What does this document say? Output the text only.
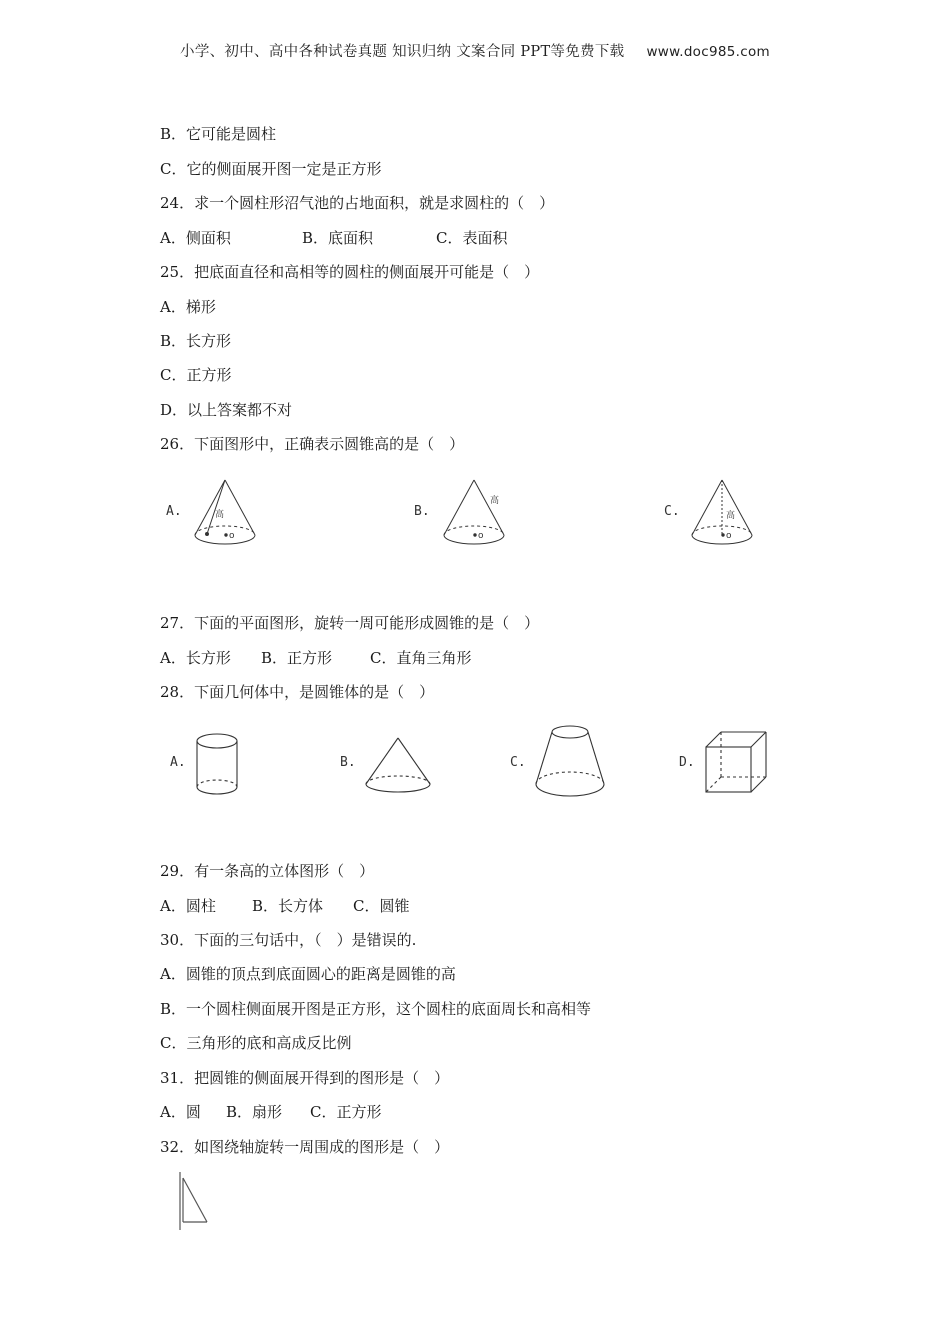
小学、初中、高中各种试卷真题 知识归纳 文案合同 PPT等免费下载 www.doc985.com
B．它可能是圆柱
C．它的侧面展开图一定是正方形
24．求一个圆柱形沼气池的占地面积，就是求圆柱的（　）
A．侧面积	B．底面积	C．表面积
25．把底面直径和高相等的圆柱的侧面展开可能是（　）
A．梯形
B．长方形
C．正方形
D．以上答案都不对
26．下面图形中，正确表示圆锥高的是（　）
A.	高
o
B.
高
o
C.	高
o
27．下面的平面图形，旋转一周可能形成圆锥的是（　）
A．长方形 B．正方形	C．直角三角形
28．下面几何体中，是圆锥体的是（　）
A.	B.	C.	D.
29．有一条高的立体图形（　）
A．圆柱 B．长方体 C．圆锥
30．下面的三句话中，（　）是错误的.
A．圆锥的顶点到底面圆心的距离是圆锥的高
B．一个圆柱侧面展开图是正方形，这个圆柱的底面周长和高相等
C．三角形的底和高成反比例
31．把圆锥的侧面展开得到的图形是（　）
A．圆 B．扇形 C．正方形
32．如图绕轴旋转一周围成的图形是（　）
